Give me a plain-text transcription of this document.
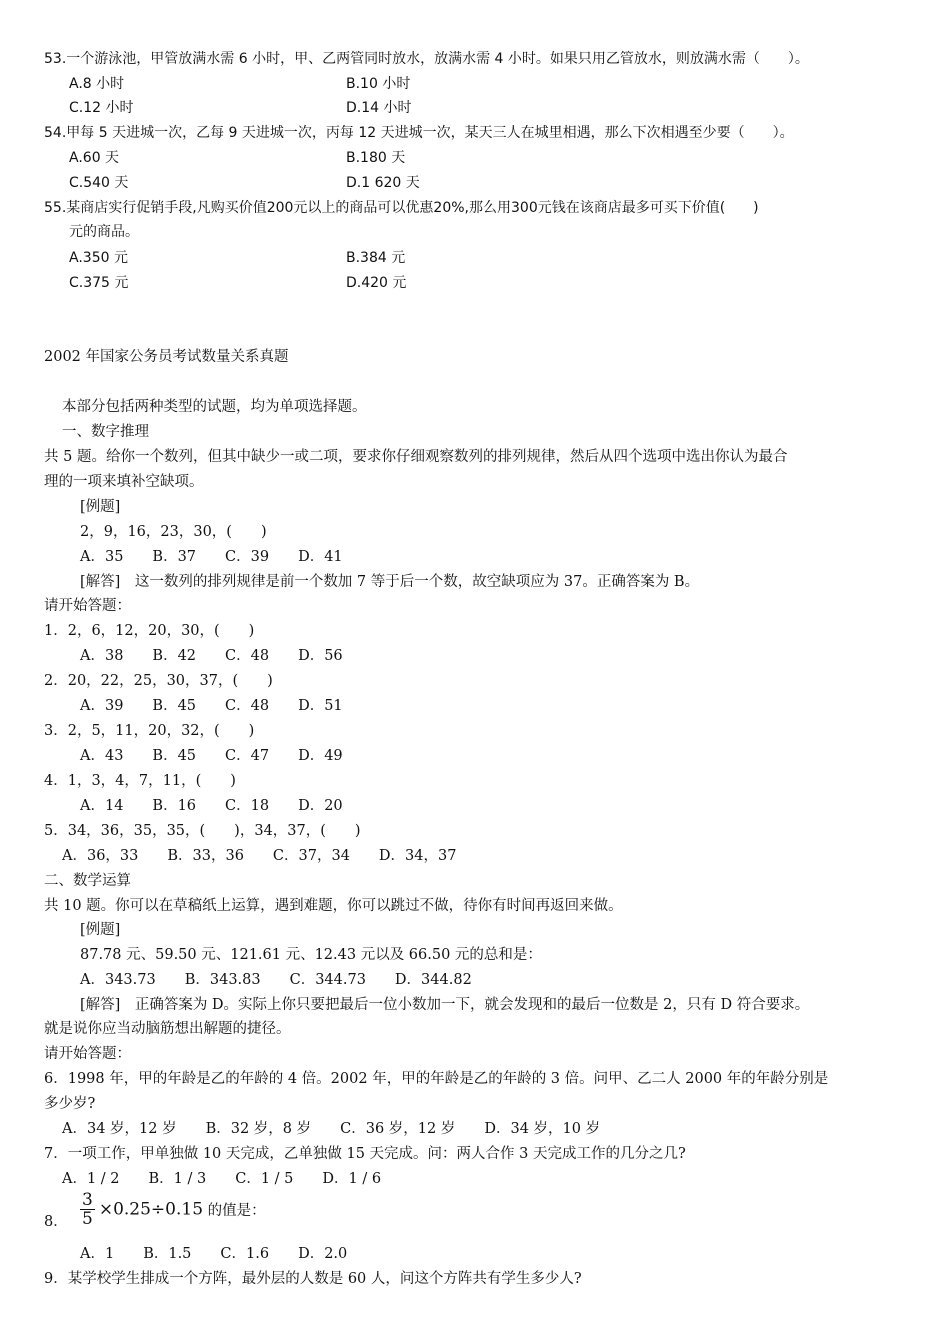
53.一个游泳池，甲管放满水需 6 小时，甲、乙两管同时放水，放满水需 4 小时。如果只用乙管放水，则放满水需（　　）。
A.8 小时	B.10 小时
C.12 小时	D.14 小时
54.甲每 5 天进城一次，乙每 9 天进城一次，丙每 12 天进城一次，某天三人在城里相遇，那么下次相遇至少要（　　）。
A.60 天	B.180 天
C.540 天	D.1 620 天
55.某商店实行促销手段,凡购买价值200元以上的商品可以优惠20%,那么用300元钱在该商店最多可买下价值(　　)
元的商品。
A.350 元	B.384 元
C.375 元	D.420 元
2002 年国家公务员考试数量关系真题
本部分包括两种类型的试题，均为单项选择题。
一、数字推理
共 5 题。给你一个数列，但其中缺少一或二项，要求你仔细观察数列的排列规律，然后从四个选项中选出你认为最合
理的一项来填补空缺项。
[例题]
2，9，16，23，30，(　　)
A．35　　B．37　　C．39　　D．41
[解答]　这一数列的排列规律是前一个数加 7 等于后一个数，故空缺项应为 37。正确答案为 B。
请开始答题：
1．2，6，12，20，30，(　　)
A．38　　B．42　　C．48　　D．56
2．20，22，25，30，37，(　　)
A．39　　B．45　　C．48　　D．51
3．2，5，11，20，32，(　　)
A．43　　B．45　　C．47　　D．49
4．1，3，4，7，11，(　　)
A．14　　B．16　　C．18　　D．20
5．34，36，35，35，(　　)，34，37，(　　)
A．36，33　　B．33，36　　C．37，34　　D．34，37
二、数学运算
共 10 题。你可以在草稿纸上运算，遇到难题，你可以跳过不做，待你有时间再返回来做。
[例题]
87.78 元、59.50 元、121.61 元、12.43 元以及 66.50 元的总和是：
A．343.73　　B．343.83　　C．344.73　　D．344.82
[解答]　正确答案为 D。实际上你只要把最后一位小数加一下，就会发现和的最后一位数是 2，只有 D 符合要求。
就是说你应当动脑筋想出解题的捷径。
请开始答题：
6．1998 年，甲的年龄是乙的年龄的 4 倍。2002 年，甲的年龄是乙的年龄的 3 倍。问甲、乙二人 2000 年的年龄分别是
多少岁?
A．34 岁，12 岁　　B．32 岁，8 岁　　C．36 岁，12 岁　　D．34 岁，10 岁
7．一项工作，甲单独做 10 天完成，乙单独做 15 天完成。问：两人合作 3 天完成工作的几分之几?
A．1 / 2　　B．1 / 3　　C．1 / 5　　D．1 / 6
8． $\frac{3}{5} \times 0.25\div 0.15$ 的值是：
A．1　　B．1.5　　C．1.6　　D．2.0
9．某学校学生排成一个方阵，最外层的人数是 60 人，问这个方阵共有学生多少人?
